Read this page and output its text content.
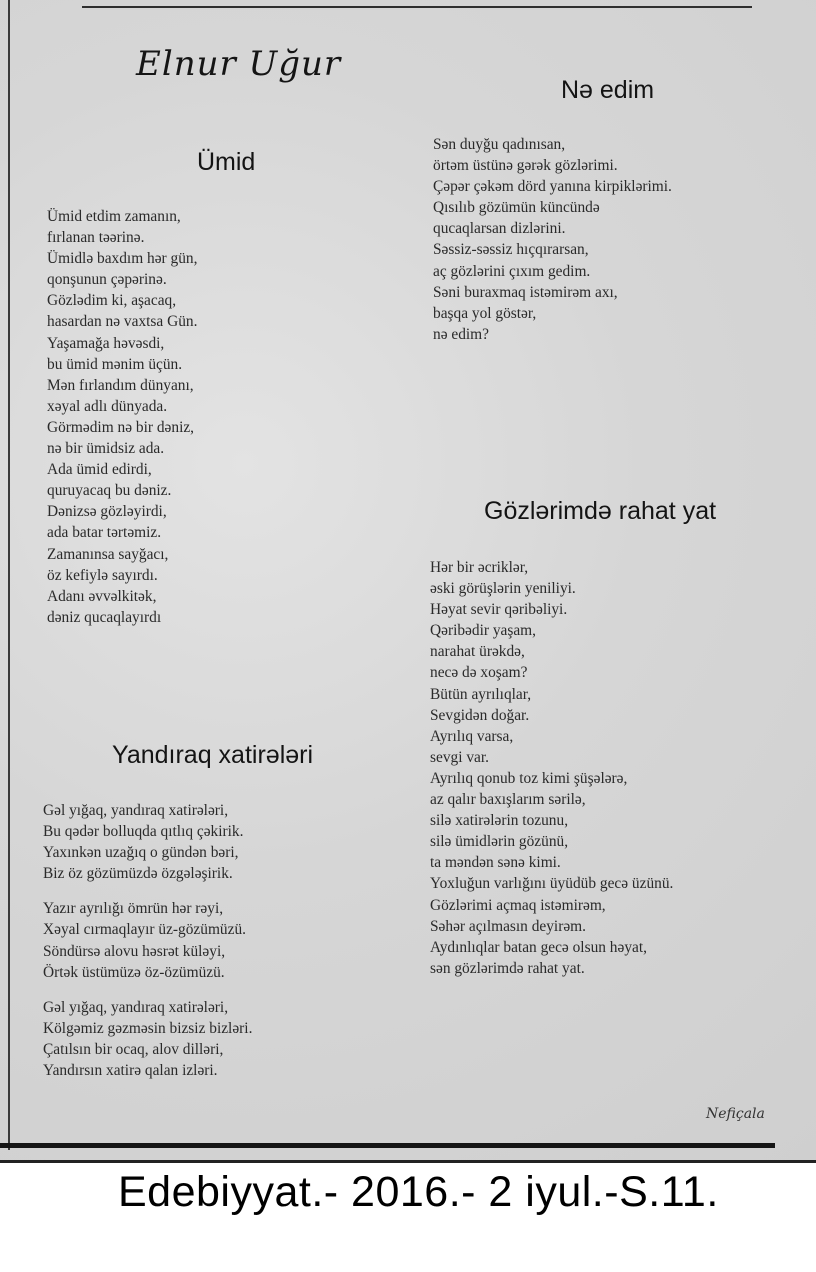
Elnur Uğur
Ümid
Ümid etdim zamanın,
fırlanan təərinə.
Ümidlə baxdım hər gün,
qonşunun çəpərinə.
Gözlədim ki, aşacaq,
hasardan nə vaxtsa Gün.
Yaşamağa həvəsdi,
bu ümid mənim üçün.
Mən fırlandım dünyanı,
xəyal adlı dünyada.
Görmədim nə bir dəniz,
nə bir ümidsiz ada.
Ada ümid edirdi,
quruyacaq bu dəniz.
Dənizsə gözləyirdi,
ada batar tərtəmiz.
Zamanınsa sayğacı,
öz kefiylə sayırdı.
Adanı əvvəlkitək,
dəniz qucaqlayırdı
Yandıraq xatirələri
Gəl yığaq, yandıraq xatirələri,
Bu qədər bolluqda qıtlıq çəkirik.
Yaxınkən uzağıq o gündən bəri,
Biz öz gözümüzdə özgələşirik.
Yazır ayrılığı ömrün hər rəyi,
Xəyal cırmaqlayır üz-gözümüzü.
Söndürsə alovu həsrət küləyi,
Örtək üstümüzə öz-özümüzü.
Gəl yığaq, yandıraq xatirələri,
Kölgəmiz gəzməsin bizsiz bizləri.
Çatılsın bir ocaq, alov dilləri,
Yandırsın xatirə qalan izləri.
Nə edim
Sən duyğu qadınısan,
örtəm üstünə gərək gözlərimi.
Çəpər çəkəm dörd yanına kirpiklərimi.
Qısılıb gözümün küncündə
qucaqlarsan dizlərini.
Səssiz-səssiz hıçqırarsan,
aç gözlərini çıxım gedim.
Səni buraxmaq istəmirəm axı,
başqa yol göstər,
nə edim?
Gözlərimdə rahat yat
Hər bir əcriklər,
əski görüşlərin yeniliyi.
Həyat sevir qəribəliyi.
Qəribədir yaşam,
narahat ürəkdə,
necə də xoşam?
Bütün ayrılıqlar,
Sevgidən doğar.
Ayrılıq varsa,
sevgi var.
Ayrılıq qonub toz kimi şüşələrə,
az qalır baxışlarım sərilə,
silə xatirələrin tozunu,
silə ümidlərin gözünü,
ta məndən sənə kimi.
Yoxluğun varlığını üyüdüb gecə üzünü.
Gözlərimi açmaq istəmirəm,
Səhər açılmasın deyirəm.
Aydınlıqlar batan gecə olsun həyat,
sən gözlərimdə rahat yat.
Nefiçala
Edebiyyat.- 2016.- 2 iyul.-S.11.
